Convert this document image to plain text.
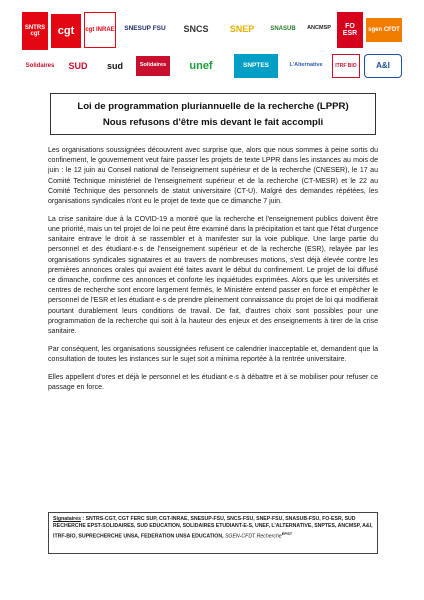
SNTRS cgt	cgt cgt INRAE SNESUP FSU SNCS SNEP	SNASUB ANCMSP	FO ESR	sgen CFDT
Solidaires SUD sud	Solidaires unef	SNPTES	L'Alternative	ITRF BIO A&I
Loi de programmation pluriannuelle de la recherche (LPPR)
Nous refusons d'être mis devant le fait accompli

Les organisations soussignées découvrent avec surprise que, alors que nous sommes à peine sortis du confinement, le gouvernement veut faire passer les projets de texte LPPR dans les instances au mois de juin : le 12 juin au Conseil national de l'enseignement supérieur et de la recherche (CNESER), le 17 au Comité Technique ministériel de l'enseignement supérieur et de la recherche (CT-MESR) et le 22 au Comité Technique des personnels de statut universitaire (CT-U). Malgré des demandes répétées, les organisations syndicales n'ont eu le projet de texte que ce dimanche 7 juin.

La crise sanitaire due à la COVID-19 a montré que la recherche et l'enseignement publics doivent être une priorité, mais un tel projet de loi ne peut être examiné dans la précipitation et tant que l'état d'urgence sanitaire entrave le droit à se rassembler et à manifester sur la voie publique. Une large partie du personnel et des étudiant·e·s de l'enseignement supérieur et de la recherche (ESR), relayée par les organisations syndicales signataires et au travers de nombreuses motions, s'est déjà élevée contre les premières annonces orales qui avaient été faites avant le début du confinement. Le projet de loi diffusé ce dimanche, confirme ces annonces et conforte les inquiétudes exprimées. Alors que les universités et centres de recherche sont encore largement fermés, le Ministère entend passer en force et empêcher le personnel de l'ESR et les étudiant·e·s de prendre pleinement connaissance du projet de loi qui modifierait pourtant durablement leurs conditions de travail. De fait, d'autres choix sont possibles pour une programmation de la recherche qui soit à la hauteur des enjeux et des enseignements à tirer de la crise sanitaire.

Par conséquent, les organisations soussignées refusent ce calendrier inacceptable et, demandent que la consultation de toutes les instances sur le sujet soit a minima reportée à la rentrée universitaire.

Elles appellent d'ores et déjà le personnel et les étudiant·e·s à débattre et à se mobiliser pour refuser ce passage en force.

Signataires : SNTRS-CGT, CGT FERC SUP, CGT-INRAE, SNESUP-FSU, SNCS-FSU, SNEP-FSU, SNASUB-FSU, FO-ESR, SUD RECHERCHE EPST-SOLIDAIRES, SUD EDUCATION, SOLIDAIRES ETUDIANT-E-S, UNEF, L'ALTERNATIVE, SNPTES, ANCMSP, A&I, ITRF-BIO, SUPRECHERCHE UNSA, FEDERATION UNSA EDUCATION, SGEN-CFDT Recherche$^{EPST}$
